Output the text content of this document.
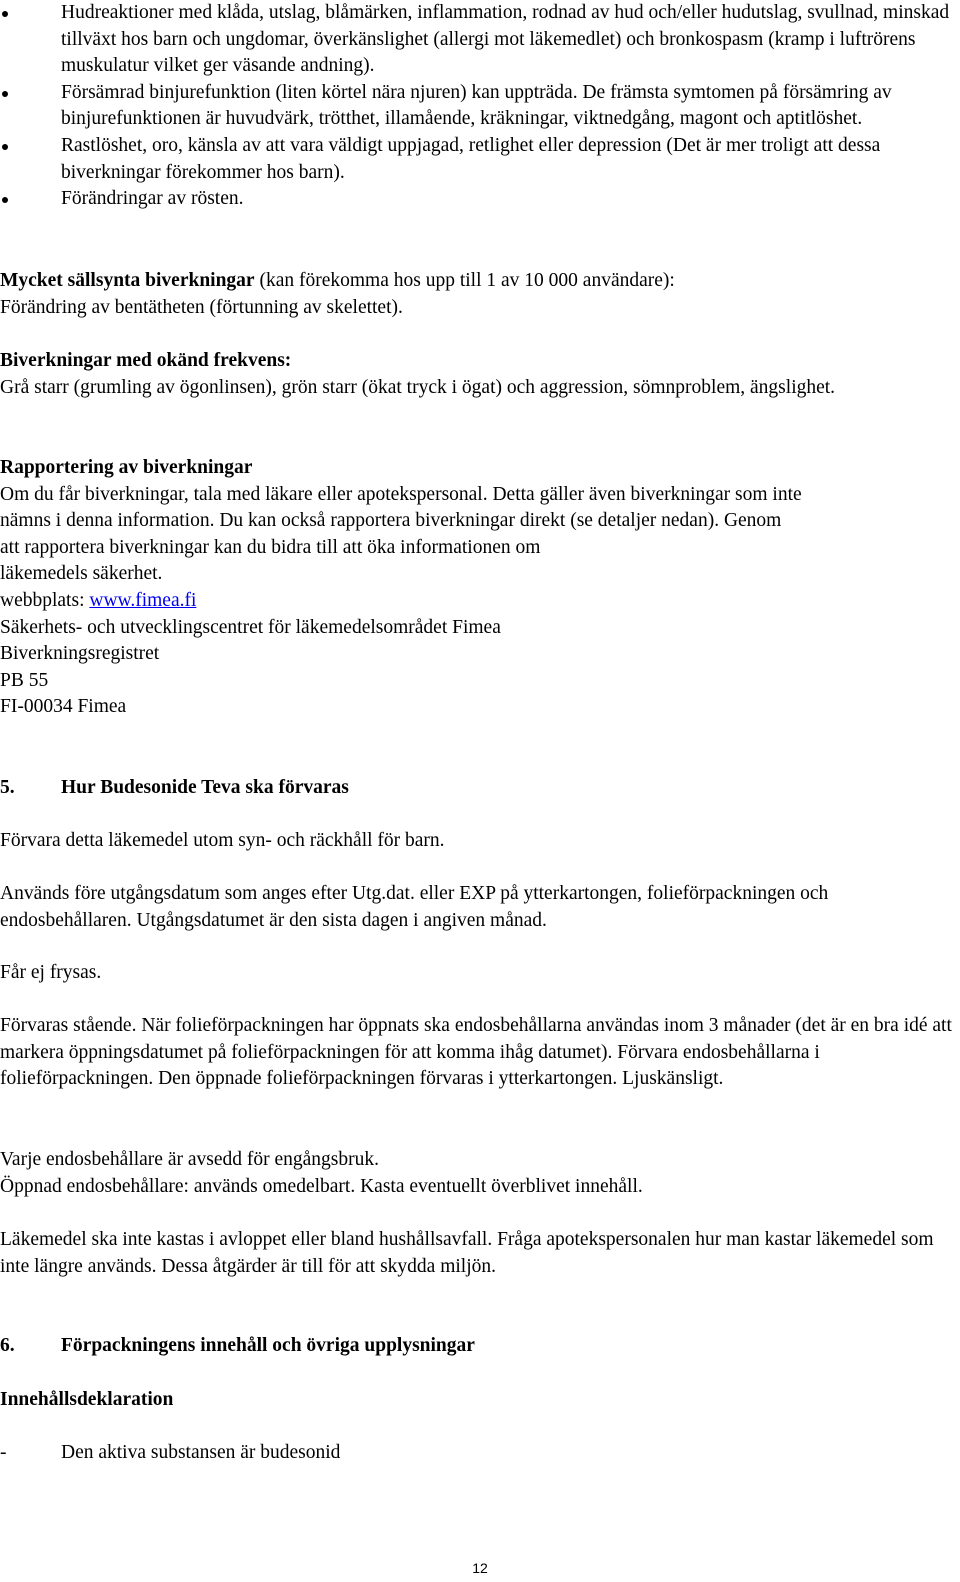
Hudreaktioner med klåda, utslag, blåmärken, inflammation, rodnad av hud och/eller hudutslag, svullnad, minskad tillväxt hos barn och ungdomar, överkänslighet (allergi mot läkemedlet) och bronkospasm (kramp i luftrörens muskulatur vilket ger väsande andning).
Försämrad binjurefunktion (liten körtel nära njuren) kan uppträda. De främsta symtomen på försämring av binjurefunktionen är huvudvärk, trötthet, illamående, kräkningar, viktnedgång, magont och aptitlöshet.
Rastlöshet, oro, känsla av att vara väldigt uppjagad, retlighet eller depression (Det är mer troligt att dessa biverkningar förekommer hos barn).
Förändringar av rösten.

Mycket sällsynta biverkningar (kan förekomma hos upp till 1 av 10 000 användare):

Förändring av bentätheten (förtunning av skelettet).

Biverkningar med okänd frekvens:

Grå starr (grumling av ögonlinsen), grön starr (ökat tryck i ögat) och aggression, sömnproblem, ängslighet.

Rapportering av biverkningar

Om du får biverkningar, tala med läkare eller apotekspersonal. Detta gäller även biverkningar som inte

nämns i denna information. Du kan också rapportera biverkningar direkt (se detaljer nedan). Genom

att rapportera biverkningar kan du bidra till att öka informationen om

läkemedels säkerhet.

webbplats: www.fimea.fi

Säkerhets- och utvecklingscentret för läkemedelsområdet Fimea

Biverkningsregistret

PB 55

FI-00034 Fimea

5. Hur Budesonide Teva ska förvaras

Förvara detta läkemedel utom syn- och räckhåll för barn.

Används före utgångsdatum som anges efter Utg.dat. eller EXP på ytterkartongen, folieförpackningen och endosbehållaren. Utgångsdatumet är den sista dagen i angiven månad.

Får ej frysas.

Förvaras stående. När folieförpackningen har öppnats ska endosbehållarna användas inom 3 månader (det är en bra idé att markera öppningsdatumet på folieförpackningen för att komma ihåg datumet). Förvara endosbehållarna i folieförpackningen. Den öppnade folieförpackningen förvaras i ytterkartongen. Ljuskänsligt.

Varje endosbehållare är avsedd för engångsbruk.

Öppnad endosbehållare: används omedelbart. Kasta eventuellt överblivet innehåll.

Läkemedel ska inte kastas i avloppet eller bland hushållsavfall. Fråga apotekspersonalen hur man kastar läkemedel som inte längre används. Dessa åtgärder är till för att skydda miljön.

6. Förpackningens innehåll och övriga upplysningar

Innehållsdeklaration

-	Den aktiva substansen är budesonid

12
